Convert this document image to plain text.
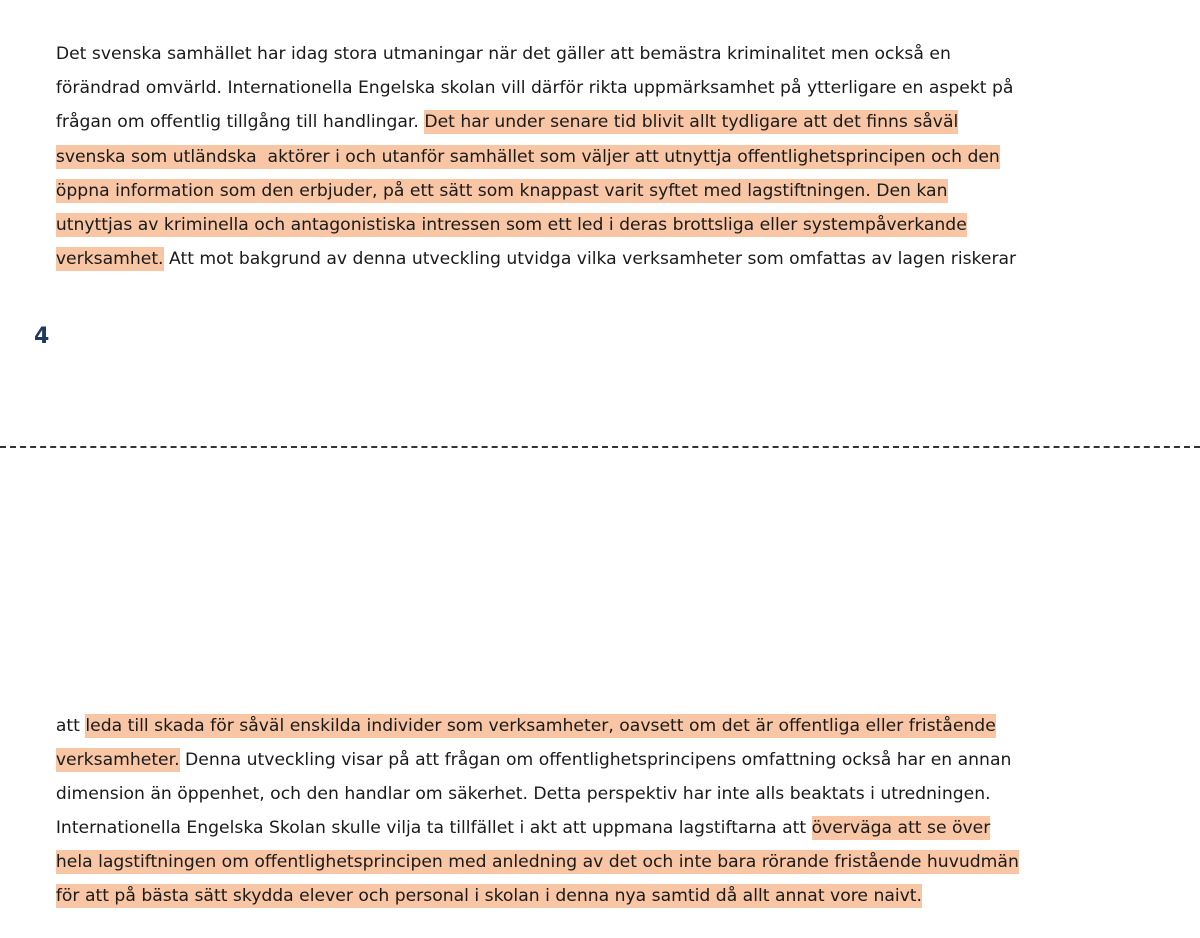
Det svenska samhället har idag stora utmaningar när det gäller att bemästra kriminalitet men också en

förändrad omvärld. Internationella Engelska skolan vill därför rikta uppmärksamhet på ytterligare en aspekt på

frågan om offentlig tillgång till handlingar. Det har under senare tid blivit allt tydligare att det finns såväl

svenska som utländska  aktörer i och utanför samhället som väljer att utnyttja offentlighetsprincipen och den

öppna information som den erbjuder, på ett sätt som knappast varit syftet med lagstiftningen. Den kan

utnyttjas av kriminella och antagonistiska intressen som ett led i deras brottsliga eller systempåverkande

verksamhet. Att mot bakgrund av denna utveckling utvidga vilka verksamheter som omfattas av lagen riskerar

4

att leda till skada för såväl enskilda individer som verksamheter, oavsett om det är offentliga eller fristående

verksamheter. Denna utveckling visar på att frågan om offentlighetsprincipens omfattning också har en annan

dimension än öppenhet, och den handlar om säkerhet. Detta perspektiv har inte alls beaktats i utredningen.

Internationella Engelska Skolan skulle vilja ta tillfället i akt att uppmana lagstiftarna att överväga att se över

hela lagstiftningen om offentlighetsprincipen med anledning av det och inte bara rörande fristående huvudmän

för att på bästa sätt skydda elever och personal i skolan i denna nya samtid då allt annat vore naivt.
